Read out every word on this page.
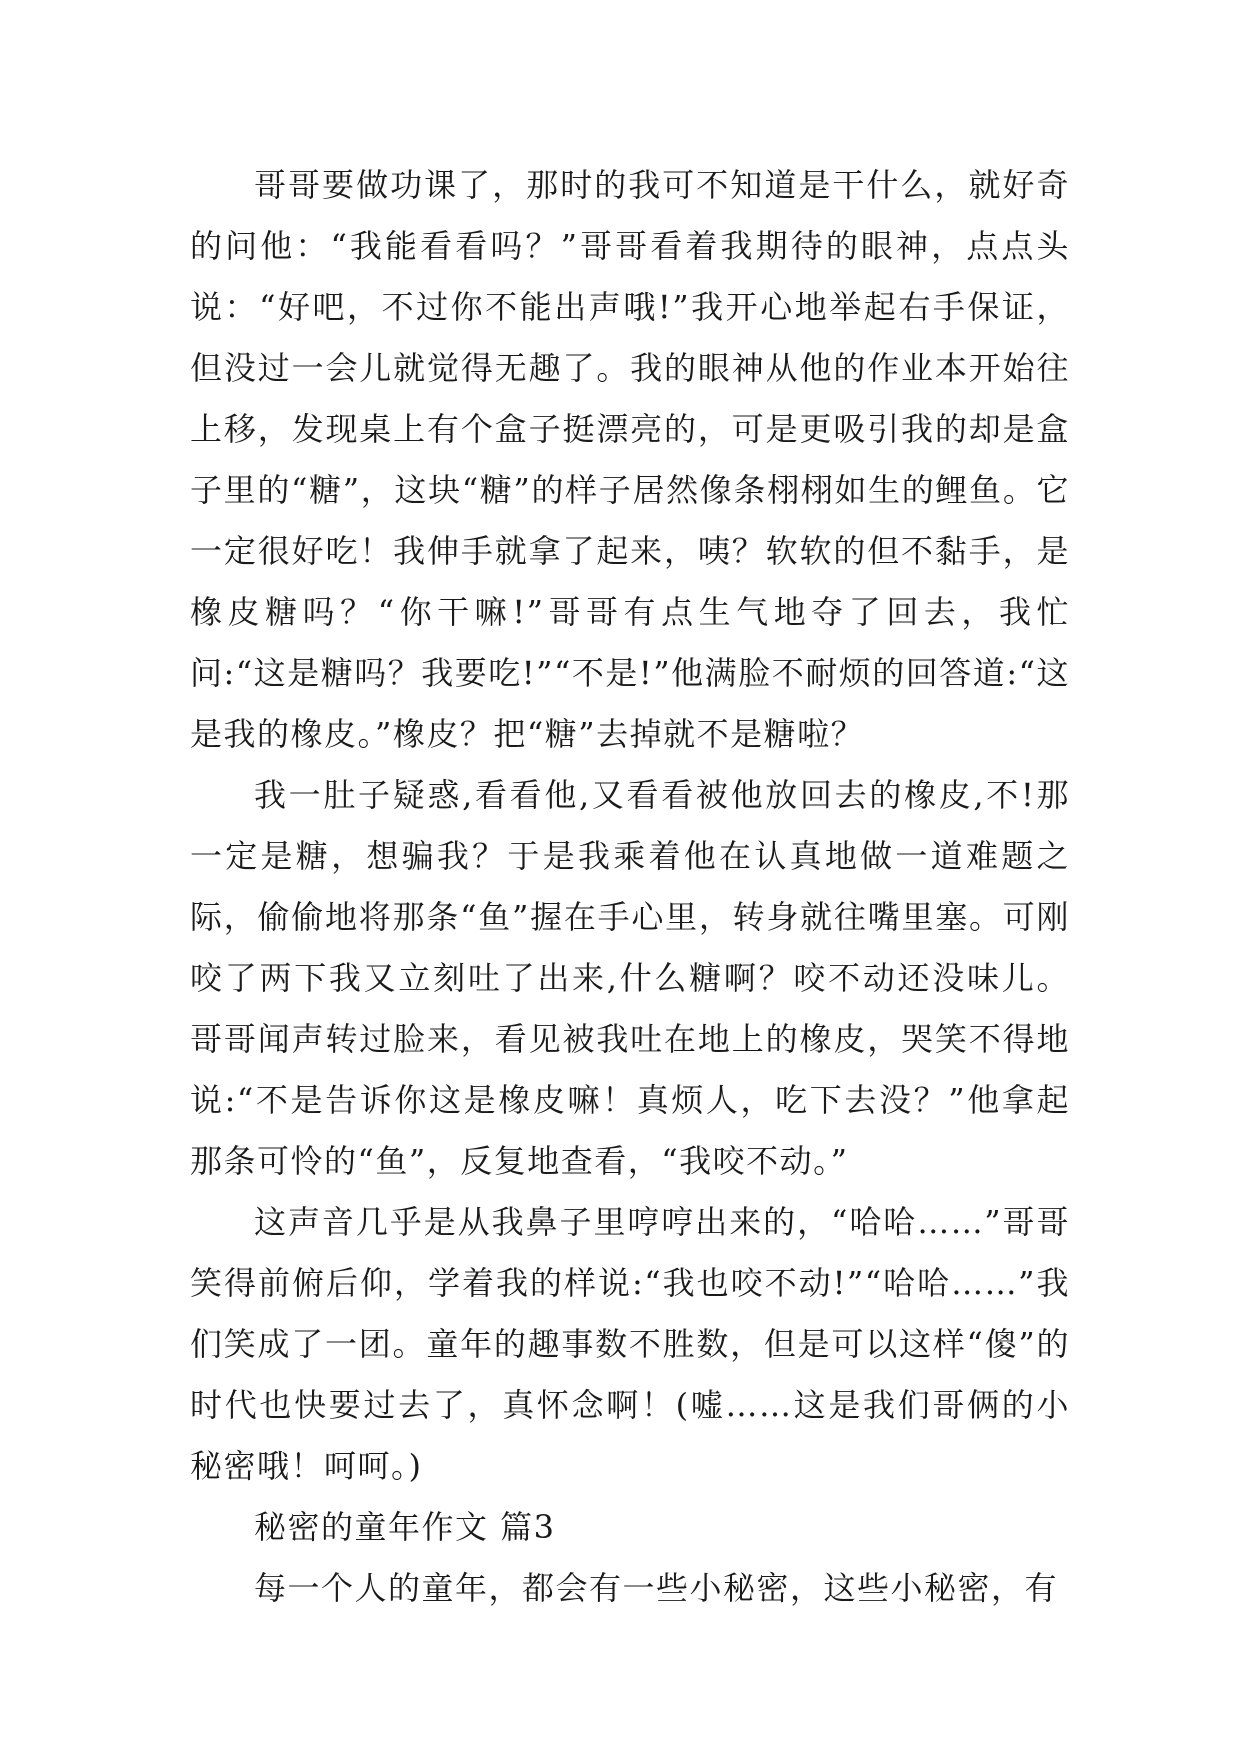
哥哥要做功课了，那时的我可不知道是干什么，就好奇的问他：“我能看看吗？”哥哥看着我期待的眼神，点点头说：“好吧，不过你不能出声哦!”我开心地举起右手保证，但没过一会儿就觉得无趣了。我的眼神从他的作业本开始往上移，发现桌上有个盒子挺漂亮的，可是更吸引我的却是盒子里的“糖”，这块“糖”的样子居然像条栩栩如生的鲤鱼。它一定很好吃！我伸手就拿了起来，咦？软软的但不黏手，是橡皮糖吗？“你干嘛!”哥哥有点生气地夺了回去，我忙问:“这是糖吗？我要吃!”“不是!”他满脸不耐烦的回答道:“这是我的橡皮。”橡皮？把“糖”去掉就不是糖啦？

我一肚子疑惑,看看他,又看看被他放回去的橡皮,不!那一定是糖，想骗我？于是我乘着他在认真地做一道难题之际，偷偷地将那条“鱼”握在手心里，转身就往嘴里塞。可刚咬了两下我又立刻吐了出来,什么糖啊？咬不动还没味儿。哥哥闻声转过脸来，看见被我吐在地上的橡皮，哭笑不得地说:“不是告诉你这是橡皮嘛！真烦人，吃下去没？”他拿起那条可怜的“鱼”，反复地查看，“我咬不动。”

这声音几乎是从我鼻子里哼哼出来的，“哈哈……”哥哥笑得前俯后仰，学着我的样说:“我也咬不动!”“哈哈……”我们笑成了一团。童年的趣事数不胜数，但是可以这样“傻”的时代也快要过去了，真怀念啊！(嘘……这是我们哥俩的小秘密哦！呵呵。)

秘密的童年作文 篇3

每一个人的童年，都会有一些小秘密，这些小秘密，有
